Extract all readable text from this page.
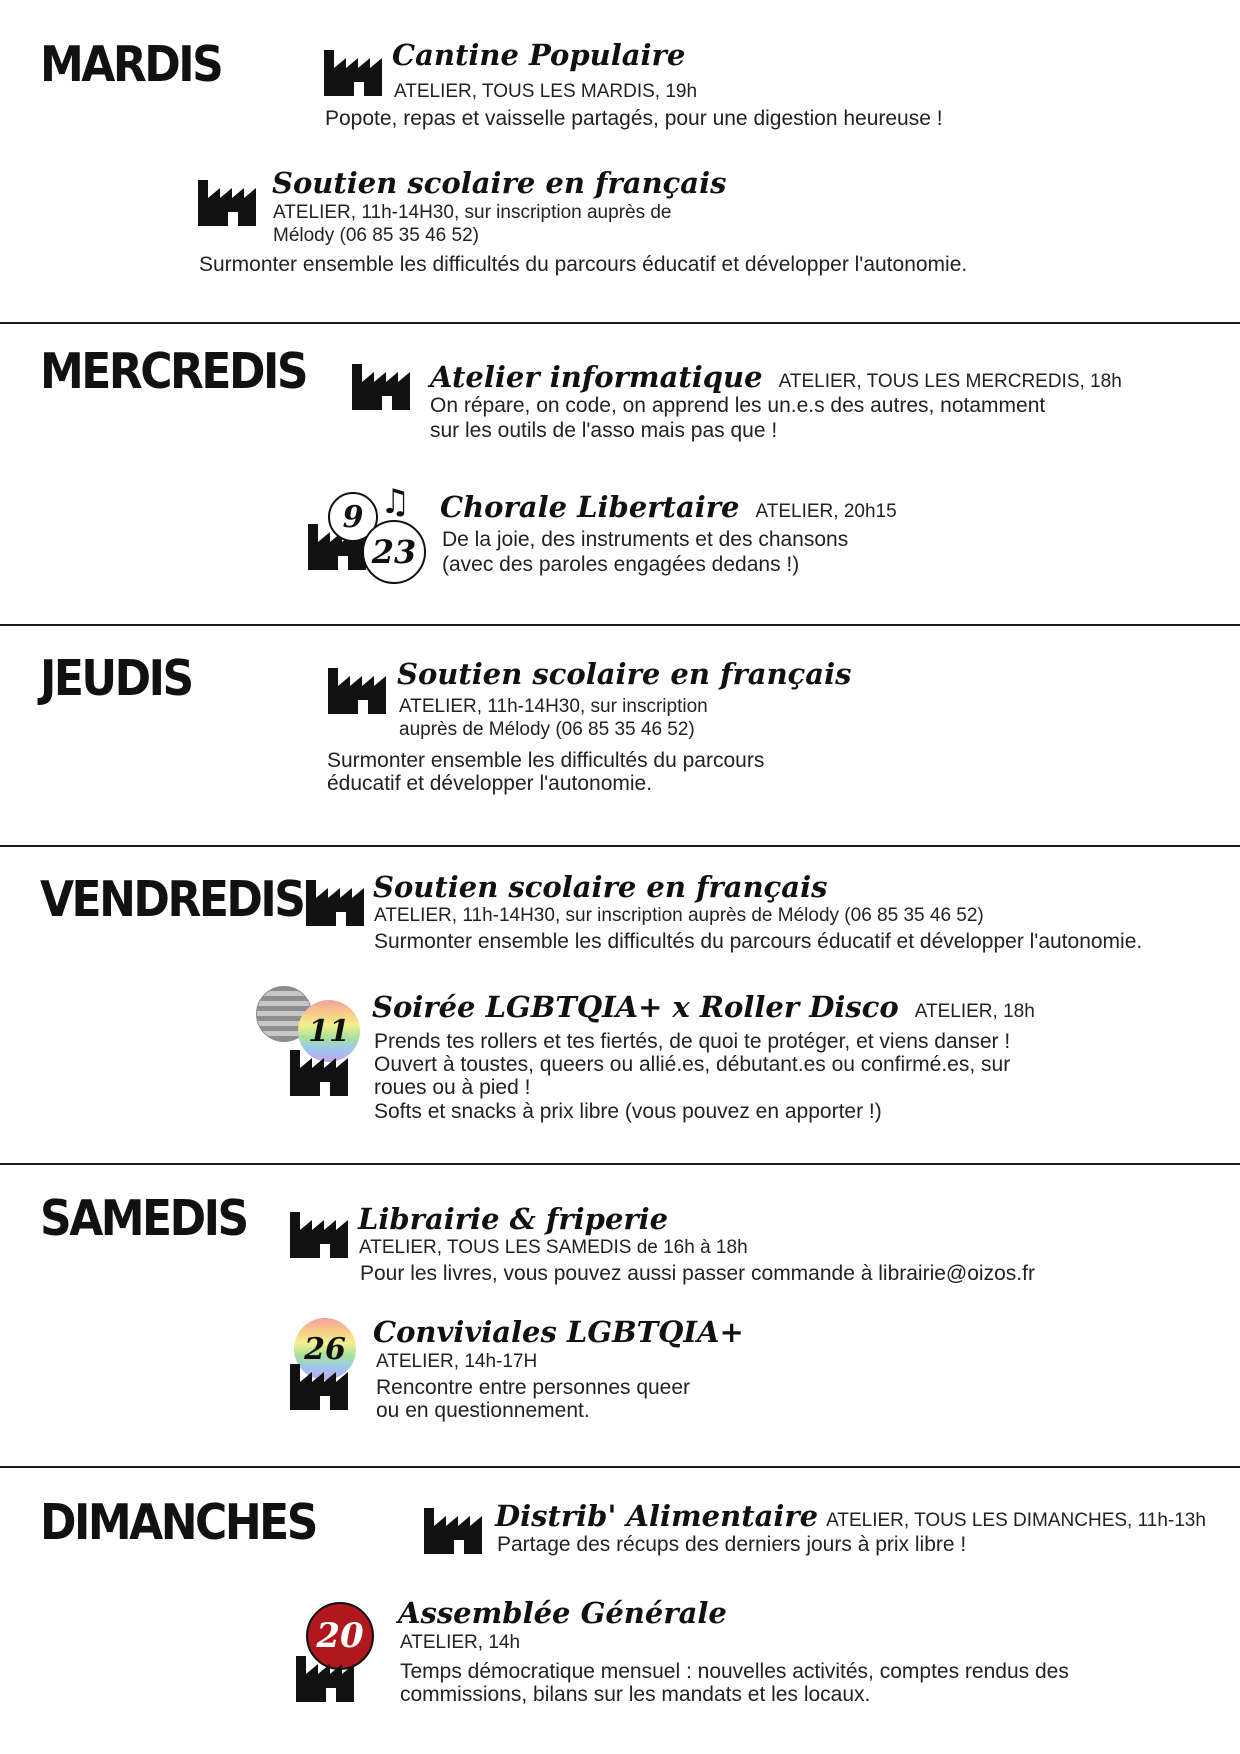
MARDIS	Cantine Populaire
ATELIER, TOUS LES MARDIS, 19h
Popote, repas et vaisselle partagés, pour une digestion heureuse !
Soutien scolaire en français
ATELIER, 11h-14H30, sur inscription auprès de
Mélody (06 85 35 46 52)
Surmonter ensemble les difficultés du parcours éducatif et développer l'autonomie.
MERCREDIS	Atelier informatique ATELIER, TOUS LES MERCREDIS, 18h
On répare, on code, on apprend les un.e.s des autres, notamment
sur les outils de l'asso mais pas que !
9
23
♫ Chorale Libertaire ATELIER, 20h15
De la joie, des instruments et des chansons
(avec des paroles engagées dedans !)
JEUDIS	Soutien scolaire en français
ATELIER, 11h-14H30, sur inscription
auprès de Mélody (06 85 35 46 52)
Surmonter ensemble les difficultés du parcours
éducatif et développer l'autonomie.
VENDREDIS Soutien scolaire en français
ATELIER, 11h-14H30, sur inscription auprès de Mélody (06 85 35 46 52)
Surmonter ensemble les difficultés du parcours éducatif et développer l'autonomie.
11
Soirée LGBTQIA+ x Roller Disco ATELIER, 18h
Prends tes rollers et tes fiertés, de quoi te protéger, et viens danser !
Ouvert à toustes, queers ou allié.es, débutant.es ou confirmé.es, sur
roues ou à pied !
Softs et snacks à prix libre (vous pouvez en apporter !)
SAMEDIS	Librairie & friperie
ATELIER, TOUS LES SAMEDIS de 16h à 18h
Pour les livres, vous pouvez aussi passer commande à librairie@oizos.fr
26 Conviviales LGBTQIA+
ATELIER, 14h-17H
Rencontre entre personnes queer
ou en questionnement.
DIMANCHES	Distrib' Alimentaire ATELIER, TOUS LES DIMANCHES, 11h-13h
Partage des récups des derniers jours à prix libre !
20
Assemblée Générale
ATELIER, 14h
Temps démocratique mensuel : nouvelles activités, comptes rendus des
commissions, bilans sur les mandats et les locaux.
